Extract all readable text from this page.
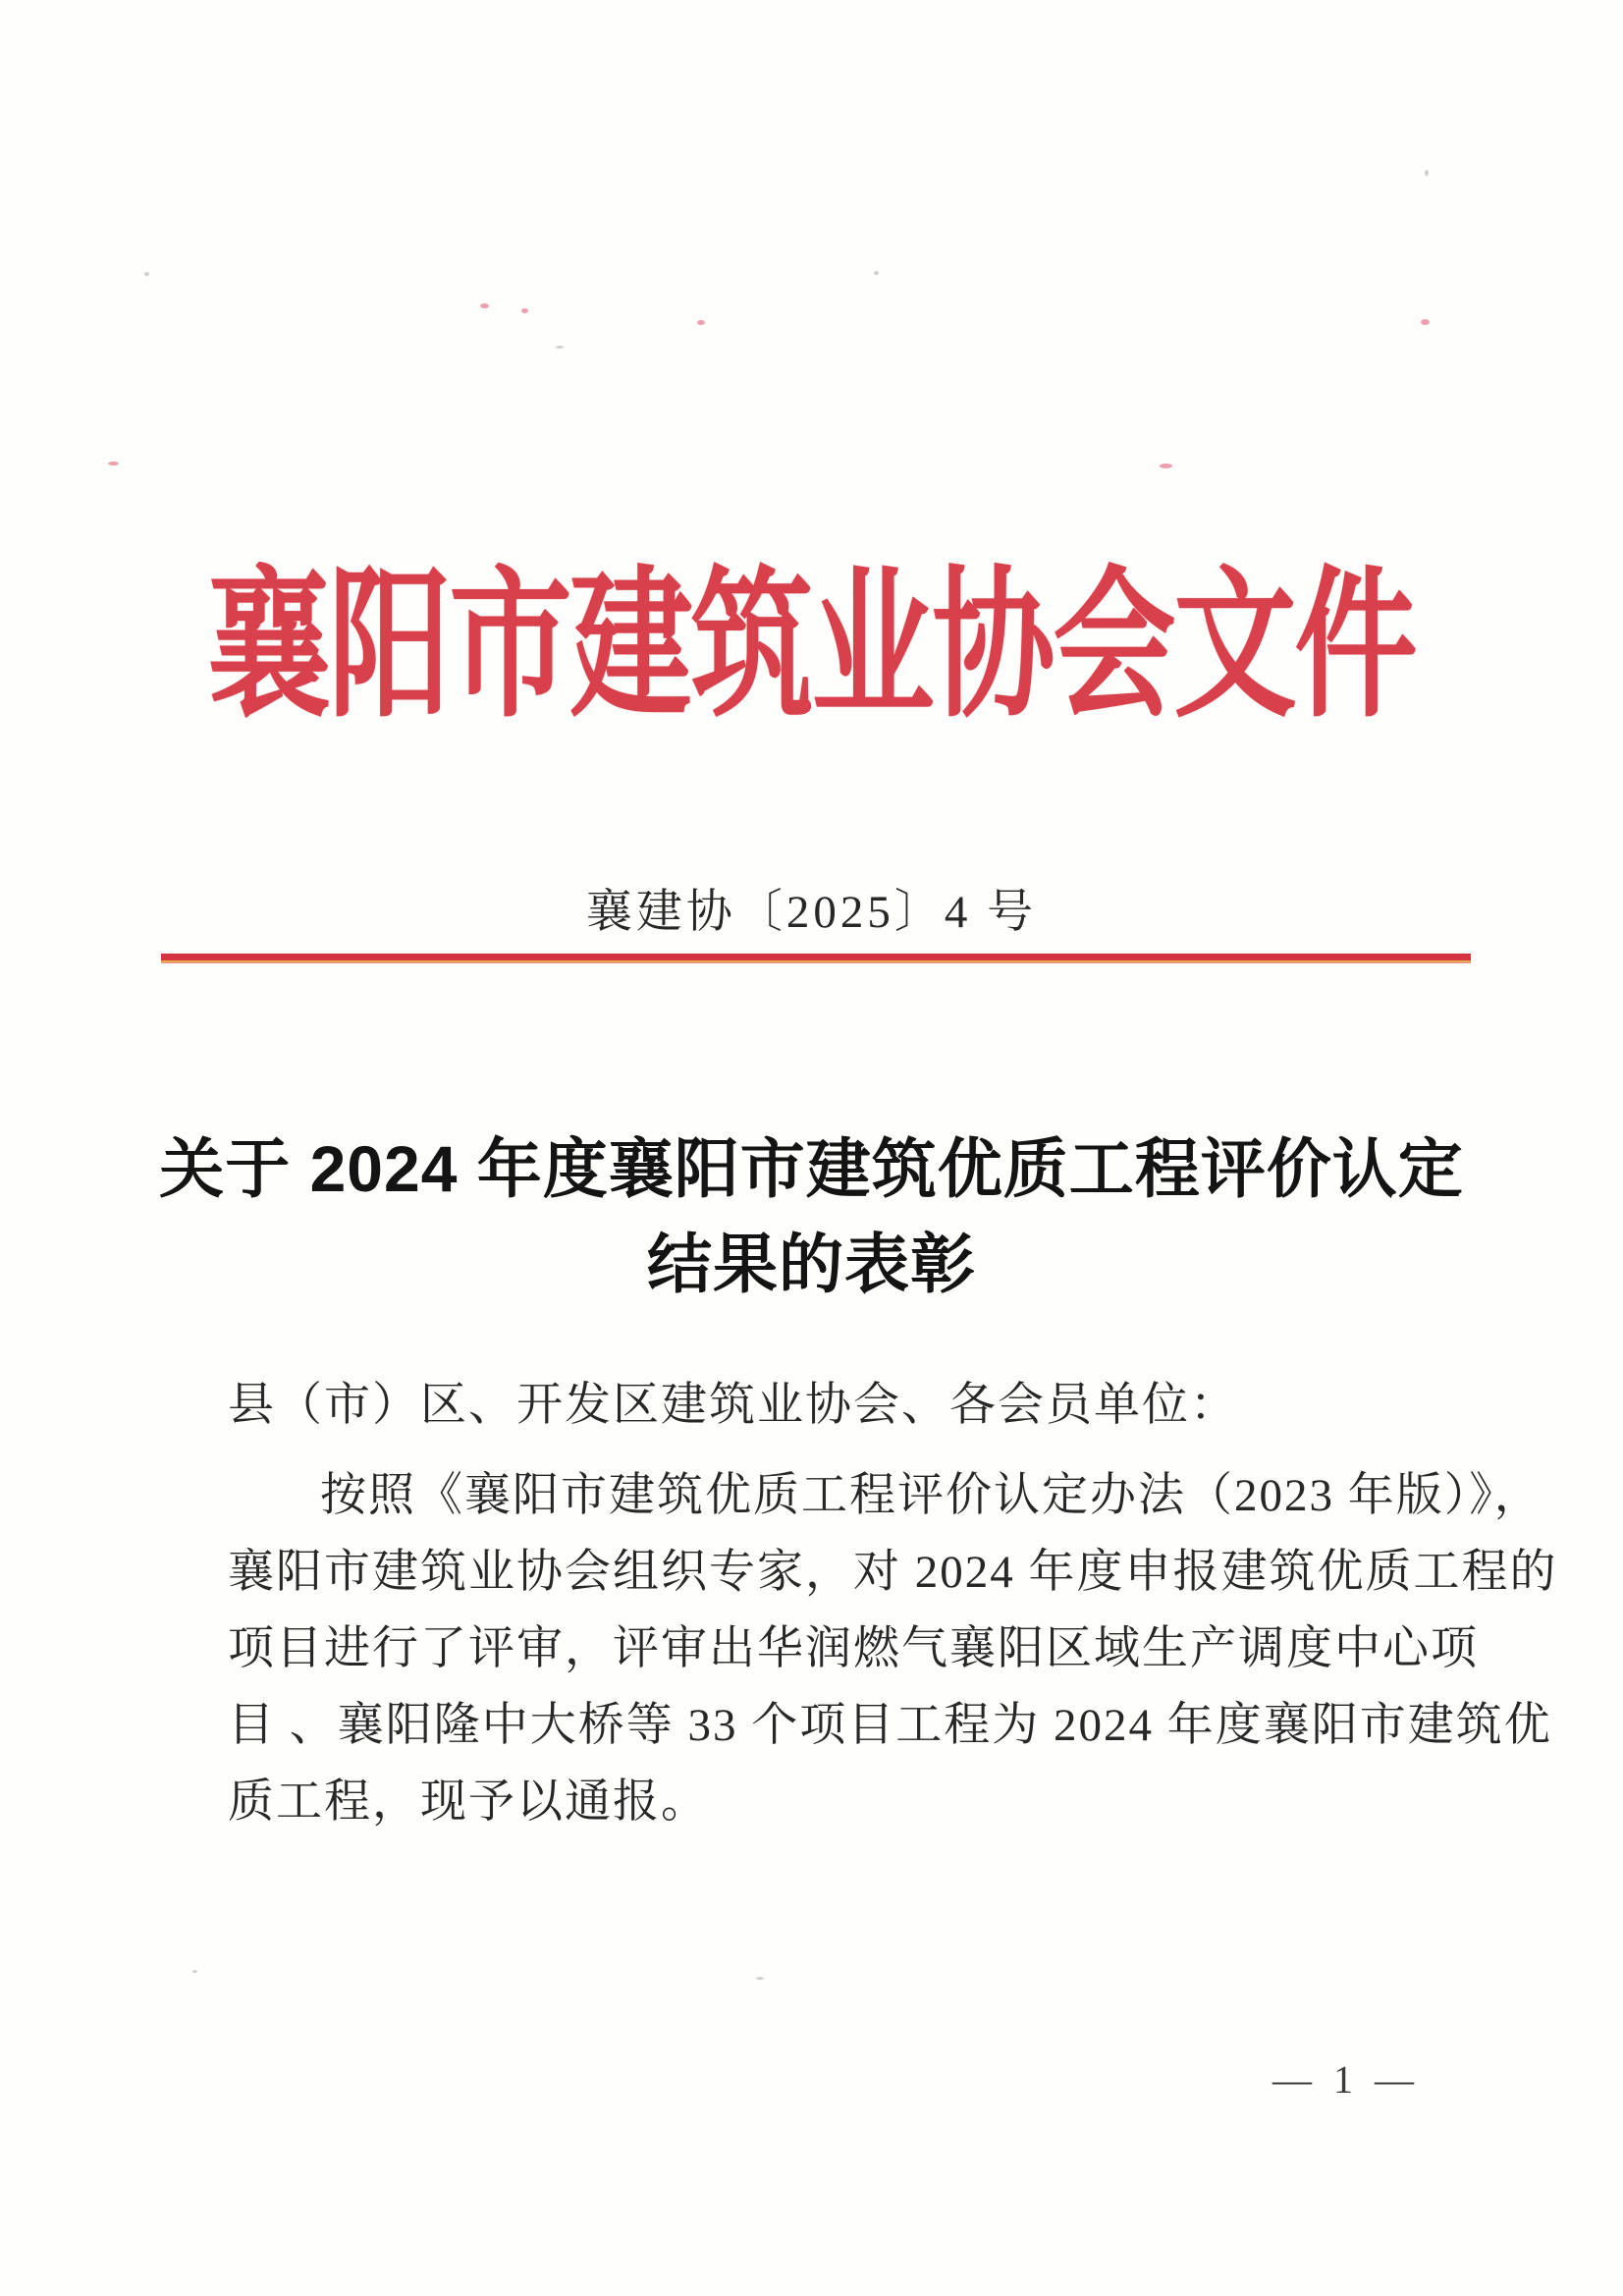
襄阳市建筑业协会文件
襄建协〔2025〕4 号
关于 2024 年度襄阳市建筑优质工程评价认定
结果的表彰
县（市）区、开发区建筑业协会、各会员单位：
按照《襄阳市建筑优质工程评价认定办法（2023 年版）》，
襄阳市建筑业协会组织专家，对 2024 年度申报建筑优质工程的
项目进行了评审，评审出华润燃气襄阳区域生产调度中心项
目 、襄阳隆中大桥等 33 个项目工程为 2024 年度襄阳市建筑优
质工程，现予以通报。
— 1 —
